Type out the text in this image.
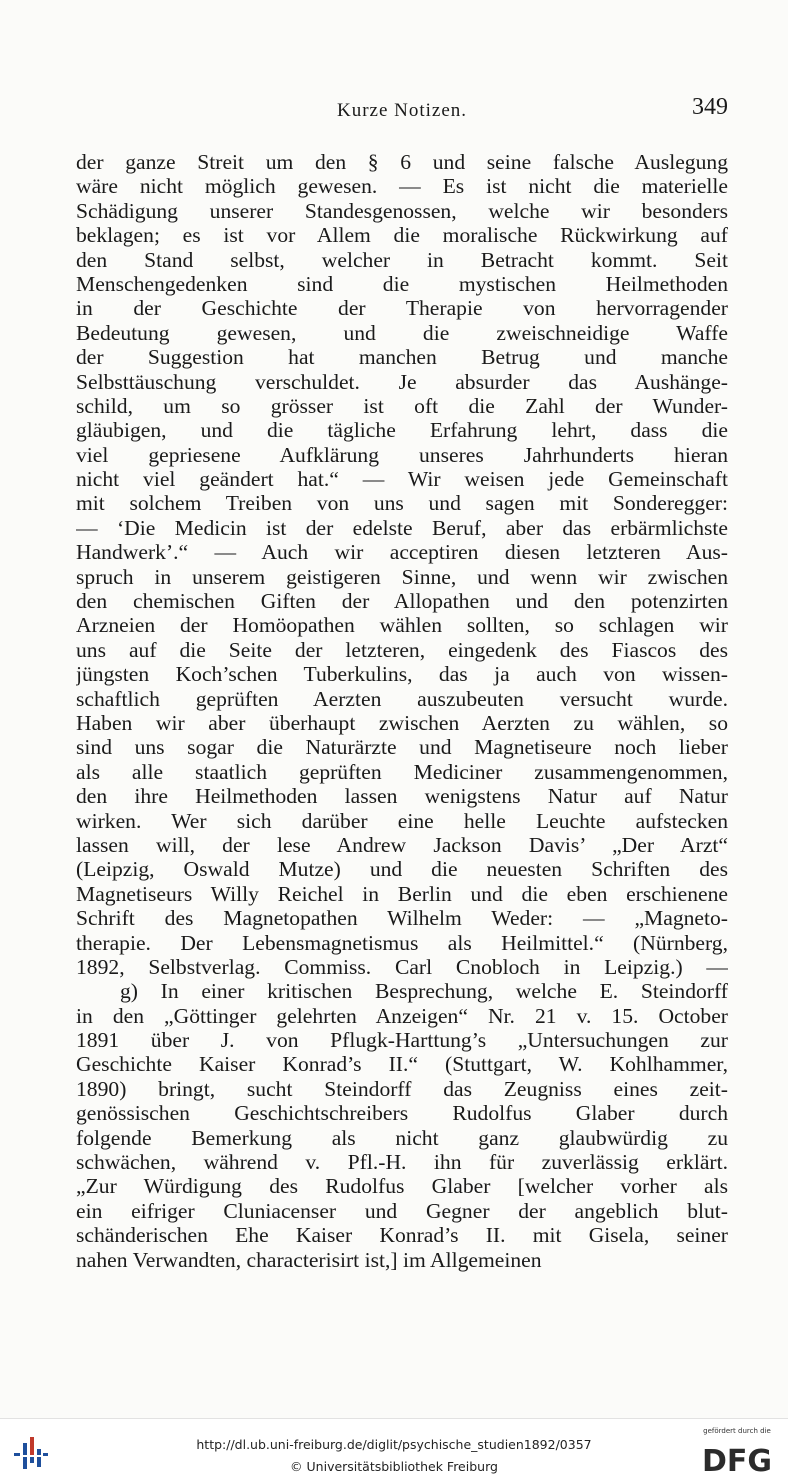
Kurze Notizen.	349
der ganze Streit um den § 6 und seine falsche Auslegung
wäre nicht möglich gewesen. — Es ist nicht die materielle
Schädigung unserer Standesgenossen, welche wir besonders
beklagen; es ist vor Allem die moralische Rückwirkung auf
den Stand selbst, welcher in Betracht kommt. Seit
Menschengedenken sind die mystischen Heilmethoden
in der Geschichte der Therapie von hervorragender
Bedeutung gewesen, und die zweischneidige Waffe
der Suggestion hat manchen Betrug und manche
Selbsttäuschung verschuldet. Je absurder das Aushänge-
schild, um so grösser ist oft die Zahl der Wunder-
gläubigen, und die tägliche Erfahrung lehrt, dass die
viel gepriesene Aufklärung unseres Jahrhunderts hieran
nicht viel geändert hat.“ — Wir weisen jede Gemeinschaft
mit solchem Treiben von uns und sagen mit Sonderegger:
— ‘Die Medicin ist der edelste Beruf, aber das erbärmlichste
Handwerk’.“ — Auch wir acceptiren diesen letzteren Aus-
spruch in unserem geistigeren Sinne, und wenn wir zwischen
den chemischen Giften der Allopathen und den potenzirten
Arzneien der Homöopathen wählen sollten, so schlagen wir
uns auf die Seite der letzteren, eingedenk des Fiascos des
jüngsten Koch’schen Tuberkulins, das ja auch von wissen-
schaftlich geprüften Aerzten auszubeuten versucht wurde.
Haben wir aber überhaupt zwischen Aerzten zu wählen, so
sind uns sogar die Naturärzte und Magnetiseure noch lieber
als alle staatlich geprüften Mediciner zusammengenommen,
den ihre Heilmethoden lassen wenigstens Natur auf Natur
wirken. Wer sich darüber eine helle Leuchte aufstecken
lassen will, der lese Andrew Jackson Davis’ „Der Arzt“
(Leipzig, Oswald Mutze) und die neuesten Schriften des
Magnetiseurs Willy Reichel in Berlin und die eben erschienene
Schrift des Magnetopathen Wilhelm Weder: — „Magneto-
therapie. Der Lebensmagnetismus als Heilmittel.“ (Nürnberg,
1892, Selbstverlag. Commiss. Carl Cnobloch in Leipzig.) —
g) In einer kritischen Besprechung, welche E. Steindorff
in den „Göttinger gelehrten Anzeigen“ Nr. 21 v. 15. October
1891 über J. von Pflugk-Harttung’s „Untersuchungen zur
Geschichte Kaiser Konrad’s II.“ (Stuttgart, W. Kohlhammer,
1890) bringt, sucht Steindorff das Zeugniss eines zeit-
genössischen Geschichtschreibers Rudolfus Glaber durch
folgende Bemerkung als nicht ganz glaubwürdig zu
schwächen, während v. Pfl.-H. ihn für zuverlässig erklärt.
„Zur Würdigung des Rudolfus Glaber [welcher vorher als
ein eifriger Cluniacenser und Gegner der angeblich blut-
schänderischen Ehe Kaiser Konrad’s II. mit Gisela, seiner
nahen Verwandten, characterisirt ist,] im Allgemeinen
http://dl.ub.uni-freiburg.de/diglit/psychische_studien1892/0357
© Universitätsbibliothek Freiburg
gefördert durch die
DFG
